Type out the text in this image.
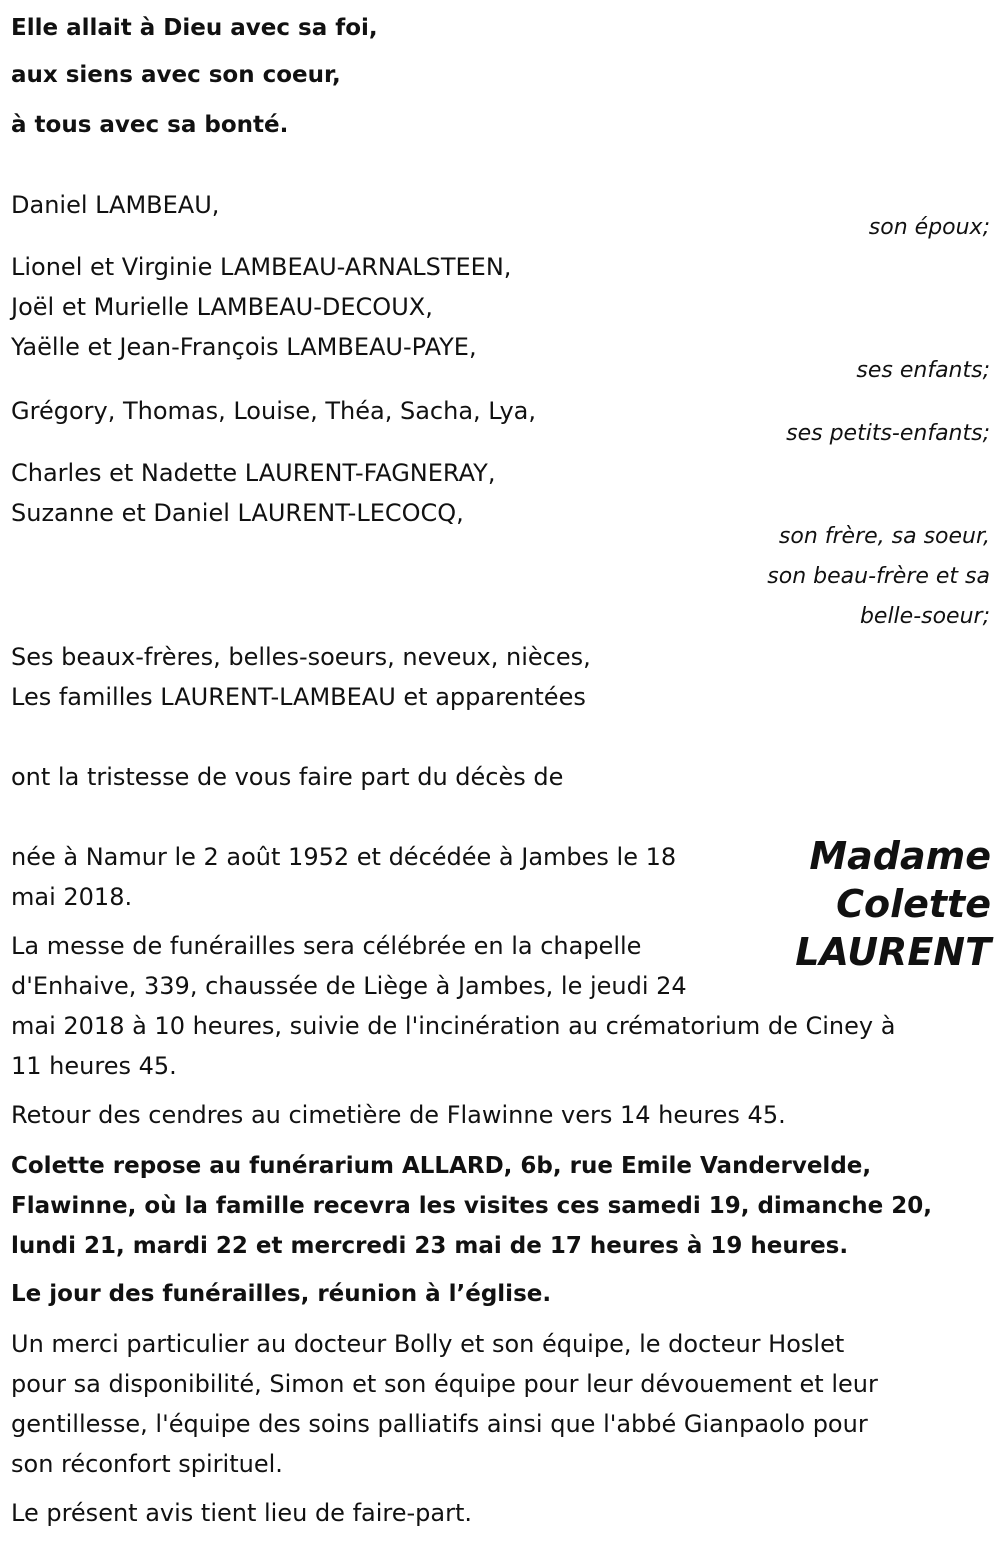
Elle allait à Dieu avec sa foi,
aux siens avec son coeur,
à tous avec sa bonté.
Daniel LAMBEAU,
son époux;
Lionel et Virginie LAMBEAU-ARNALSTEEN,
Joël et Murielle LAMBEAU-DECOUX,
Yaëlle et Jean-François LAMBEAU-PAYE,
ses enfants;
Grégory, Thomas, Louise, Théa, Sacha, Lya,
ses petits-enfants;
Charles et Nadette LAURENT-FAGNERAY,
Suzanne et Daniel LAURENT-LECOCQ,
son frère, sa soeur,
son beau-frère et sa
belle-soeur;
Ses beaux-frères, belles-soeurs, neveux, nièces,
Les familles LAURENT-LAMBEAU et apparentées
ont la tristesse de vous faire part du décès de
Madame
Colette
LAURENT
née à Namur le 2 août 1952 et décédée à Jambes le 18
mai 2018.
La messe de funérailles sera célébrée en la chapelle
d'Enhaive, 339, chaussée de Liège à Jambes, le jeudi 24
mai 2018 à 10 heures, suivie de l'incinération au crématorium de Ciney à
11 heures 45.
Retour des cendres au cimetière de Flawinne vers 14 heures 45.
Colette repose au funérarium ALLARD, 6b, rue Emile Vandervelde,
Flawinne, où la famille recevra les visites ces samedi 19, dimanche 20,
lundi 21, mardi 22 et mercredi 23 mai de 17 heures à 19 heures.
Le jour des funérailles, réunion à l’église.
Un merci particulier au docteur Bolly et son équipe, le docteur Hoslet
pour sa disponibilité, Simon et son équipe pour leur dévouement et leur
gentillesse, l'équipe des soins palliatifs ainsi que l'abbé Gianpaolo pour
son réconfort spirituel.
Le présent avis tient lieu de faire-part.
